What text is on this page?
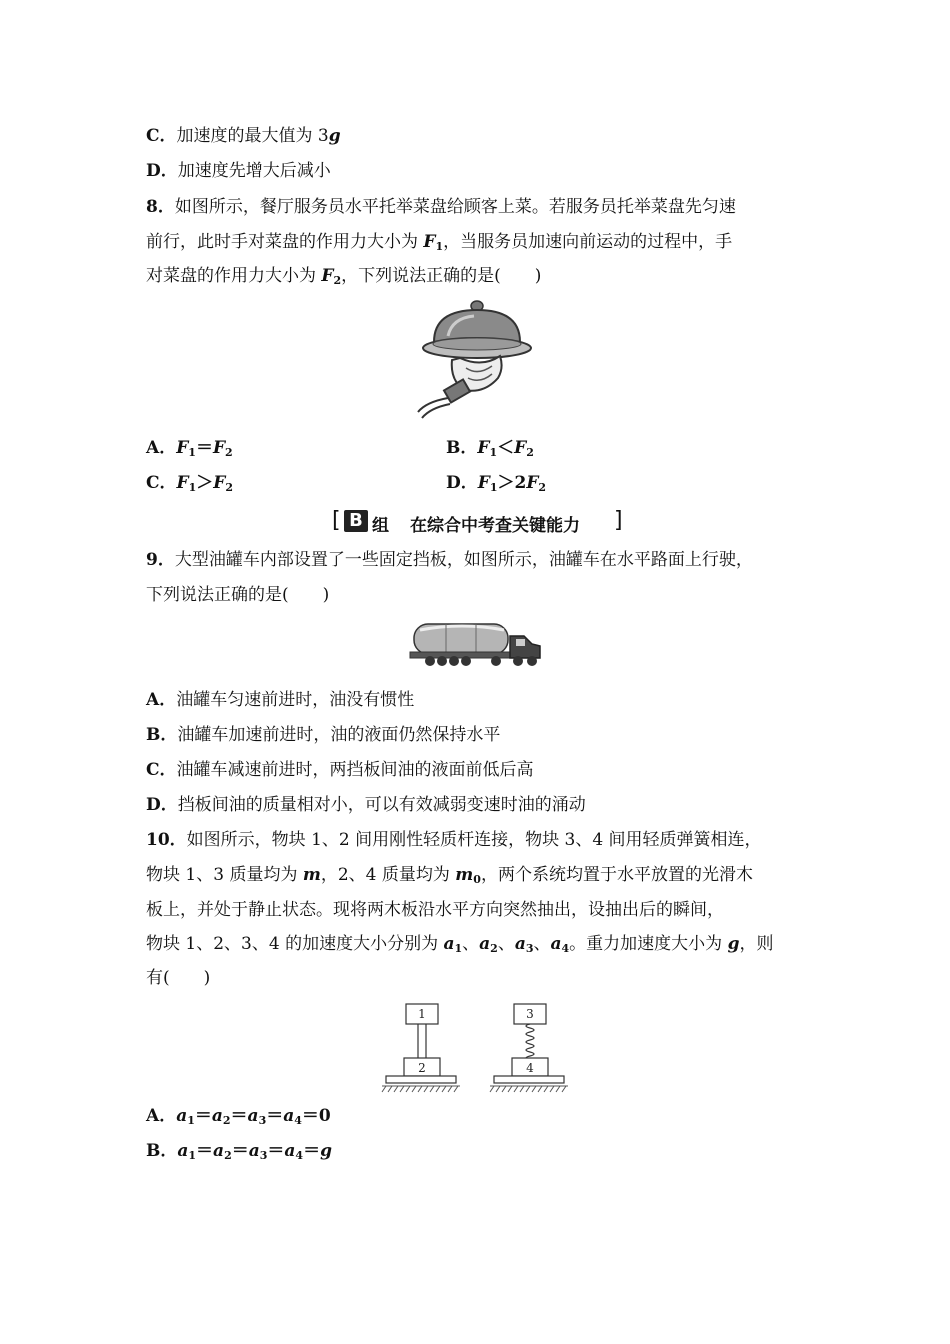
C．加速度的最大值为 3g
D．加速度先增大后减小
8．如图所示，餐厅服务员水平托举菜盘给顾客上菜。若服务员托举菜盘先匀速
前行，此时手对菜盘的作用力大小为 $F_1$，当服务员加速向前运动的过程中，手
对菜盘的作用力大小为 $F_2$，下列说法正确的是(　　)
A．$F_1=F_2$	B．$F_1<F_2$
C．$F_1>F_2$	D．$F_1>2F_2$
[ B 组 在综合中考查关键能力 ]
9．大型油罐车内部设置了一些固定挡板，如图所示，油罐车在水平路面上行驶，
下列说法正确的是(　　)
A．油罐车匀速前进时，油没有惯性
B．油罐车加速前进时，油的液面仍然保持水平
C．油罐车减速前进时，两挡板间油的液面前低后高
D．挡板间油的质量相对小，可以有效减弱变速时油的涌动
10．如图所示，物块 1、2 间用刚性轻质杆连接，物块 3、4 间用轻质弹簧相连，
物块 1、3 质量均为 m，2、4 质量均为 $m_0$，两个系统均置于水平放置的光滑木
板上，并处于静止状态。现将两木板沿水平方向突然抽出，设抽出后的瞬间，
物块 1、2、3、4 的加速度大小分别为 $a_1$、$a_2$、$a_3$、$a_4$。重力加速度大小为 g，则
有(　　)
1
2
3
4
A．$a_1=a_2=a_3=a_4=0$
B．$a_1=a_2=a_3=a_4=g$
